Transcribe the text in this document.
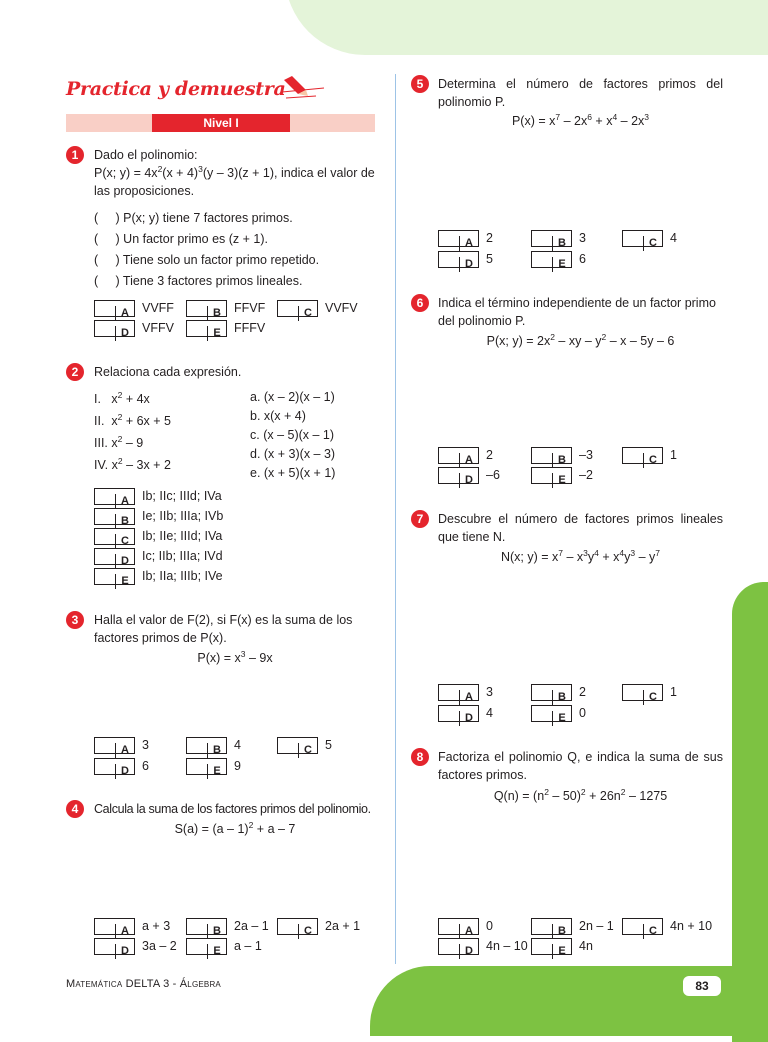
Practica y demuestra
Nivel I
1	Dado el polinomio:
P(x; $y) = 4x^2(x + 4)^3(y - 3)(z + 1)$, indica el valor de
las proposiciones.
(     ) P(x; y) tiene 7 factores primos.
(     ) Un factor primo es (z + 1).
(     ) Tiene solo un factor primo repetido.
(     ) Tiene 3 factores primos lineales.
A VVFF	B FFVF	C VVFV
D VFFV	E FFFV
2	Relaciona cada expresión.
I.   $x^2 + 4x$
II.  $x^2 + 6x + 5$
III. $x^2 - 9$
IV. $x^2 - 3x + 2$
a. (x – 2)(x – 1)
b. x(x + 4)
c. (x – 5)(x – 1)
d. (x + 3)(x – 3)
e. (x + 5)(x + 1)
A Ib; IIc; IIId; IVa
B Ie; IIb; IIIa; IVb
C Ib; IIe; IIId; IVa
D Ic; IIb; IIIa; IVd
E Ib; IIa; IIIb; IVe
3	Halla el valor de F(2), si F(x) es la suma de los
factores primos de P(x).
$P(x) = x^3 - 9x$
A 3	B 4	C 5
D 6	E 9
4	Calcula la suma de los factores primos del polinomio.
S(a) = (a – 1)$^2$ + a – 7
A a + 3	B 2a – 1	C 2a + 1
D 3a – 2	E a – 1
5	Determina el número de factores primos del
polinomio P.
$P(x) = x^7 - 2x^6 + x^4 - 2x^3$
A 2	B 3	C 4
D 5	E 6
6	Indica el término independiente de un factor primo
del polinomio P.
P(x; $y) = 2x^2$ – xy – $y^2$ – x – 5y – 6
A 2	B –3	C 1
D –6	E –2
7	Descubre el número de factores primos lineales
que tiene N.
N(x; $y) = x^7 - x^3y^4 + x^4y^3 - y^7$
A 3	B 2	C 1
D 4	E 0
8	Factoriza el polinomio Q, e indica la suma de sus
factores primos.
$Q(n) = (n^2 - 50)^2 + 26n^2 - 1275$
A 0	B 2n – 1	C 4n + 10
D 4n – 10	E 4n
Matemática DELTA 3 - Álgebra	83
